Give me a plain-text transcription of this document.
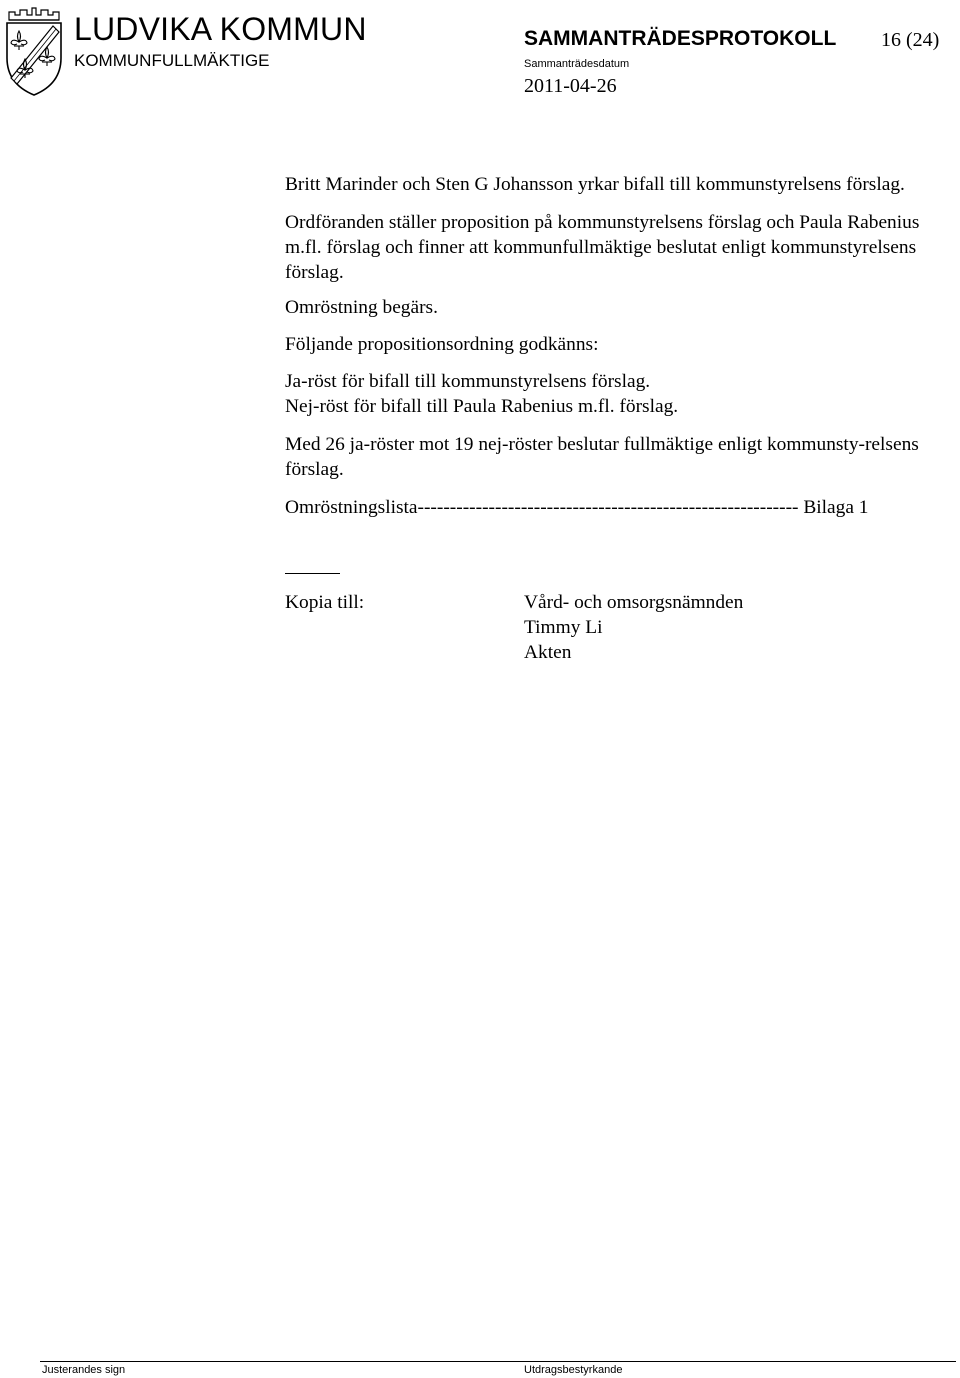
LUDVIKA KOMMUN
KOMMUNFULLMÄKTIGE
SAMMANTRÄDESPROTOKOLL 16 (24)
Sammanträdesdatum
2011-04-26

Britt Marinder och Sten G Johansson yrkar bifall till kommunstyrelsens förslag.

Ordföranden ställer proposition på kommunstyrelsens förslag och Paula Rabenius m.fl. förslag och finner att kommunfullmäktige beslutat enligt kommunstyrelsens förslag.

Omröstning begärs.

Följande propositionsordning godkänns:

Ja-röst för bifall till kommunstyrelsens förslag.

Nej-röst för bifall till Paula Rabenius m.fl. förslag.

Med 26 ja-röster mot 19 nej-röster beslutar fullmäktige enligt kommunsty-relsens förslag.

Omröstningslista----------------------------------------------------------- Bilaga 1

Kopia till:	Vård- och omsorgsnämnden
Timmy Li
Akten
Justerandes sign	Utdragsbestyrkande
